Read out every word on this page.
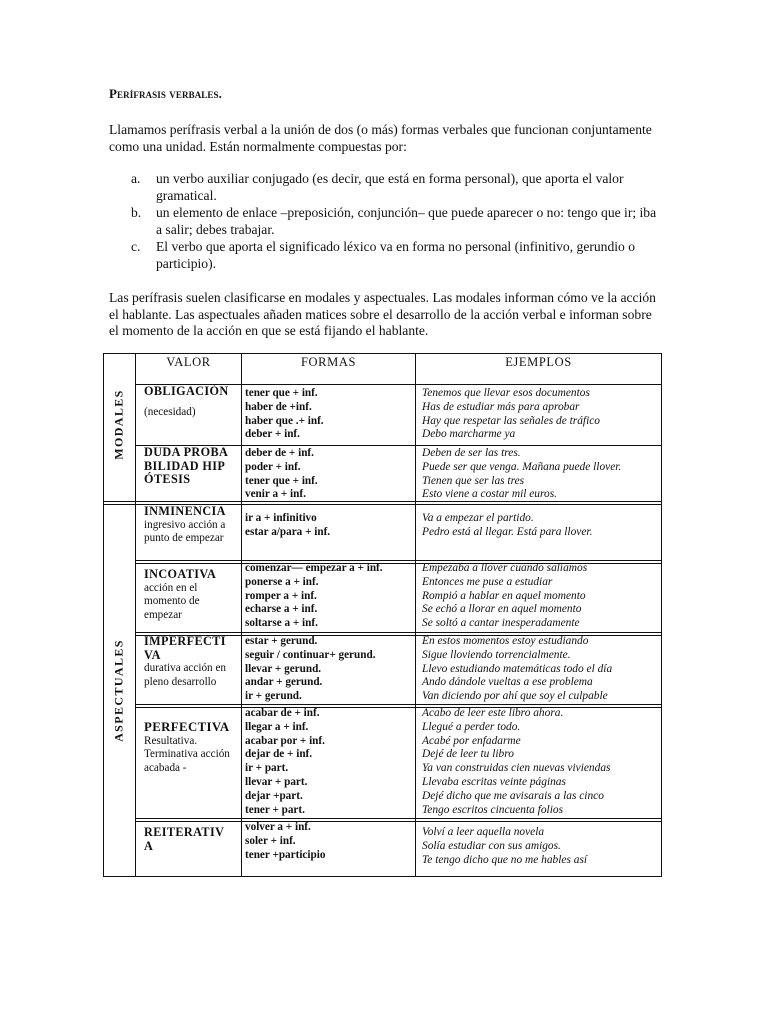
Perífrasis verbales.

Llamamos perífrasis verbal a la unión de dos (o más) formas verbales que funcionan conjuntamente como una unidad. Están normalmente compuestas por:

a. un verbo auxiliar conjugado (es decir, que está en forma personal), que aporta el valor gramatical.
b. un elemento de enlace –preposición, conjunción– que puede aparecer o no: tengo que ir; iba a salir; debes trabajar.
c. El verbo que aporta el significado léxico va en forma no personal (infinitivo, gerundio o participio).

Las perífrasis suelen clasificarse en modales y aspectuales. Las modales informan cómo ve la acción el hablante. Las aspectuales añaden matices sobre el desarrollo de la acción verbal e informan sobre el momento de la acción en que se está fijando el hablante.

MODALES
ASPECTUALES
VALOR	FORMAS	EJEMPLOS
OBLIGACIÓN
(necesidad)
tener que + inf.
haber de +inf.
haber que .+ inf.
deber + inf.
Tenemos que llevar esos documentos
Has de estudiar más para aprobar
Hay que respetar las señales de tráfico
Debo marcharme ya
DUDA PROBABILIDAD HIPÓTESIS
deber de + inf.
poder + inf.
tener que + inf.
venir a + inf.
Deben de ser las tres.
Puede ser que venga. Mañana puede llover.
Tienen que ser las tres
Esto viene a costar mil euros.
INMINENCIA
ingresivo acción a punto de empezar
ir a + infinitivo
estar a/para + inf.
Va a empezar el partido.
Pedro está al llegar. Está para llover.
INCOATIVA
acción en el momento de empezar
comenzar— empezar a + inf.
ponerse a + inf.
romper a + inf.
echarse a + inf.
soltarse a + inf.
Empezaba a llover cuando salíamos
Entonces me puse a estudiar
Rompió a hablar en aquel momento
Se echó a llorar en aquel momento
Se soltó a cantar inesperadamente
IMPERFECTIVA
durativa acción en pleno desarrollo
estar + gerund.
seguir / continuar+ gerund.
llevar + gerund.
andar + gerund.
ir + gerund.
En estos momentos estoy estudiando
Sigue lloviendo torrencialmente.
Llevo estudiando matemáticas todo el día
Ando dándole vueltas a ese problema
Van diciendo por ahí que soy el culpable
PERFECTIVA
Resultativa. Terminativa acción acabada -
acabar de + inf.
llegar a + inf.
acabar por + inf.
dejar de + inf.
ir + part.
llevar + part.
dejar +part.
tener + part.
Acabo de leer este libro ahora.
Llegué a perder todo.
Acabé por enfadarme
Dejé de leer tu libro
Ya van construidas cien nuevas viviendas
Llevaba escritas veinte páginas
Dejé dicho que me avisarais a las cinco
Tengo escritos cincuenta folios
REITERATIVA
volver a + inf.
soler + inf.
tener +participio
Volví a leer aquella novela
Solía estudiar con sus amigos.
Te tengo dicho que no me hables así
